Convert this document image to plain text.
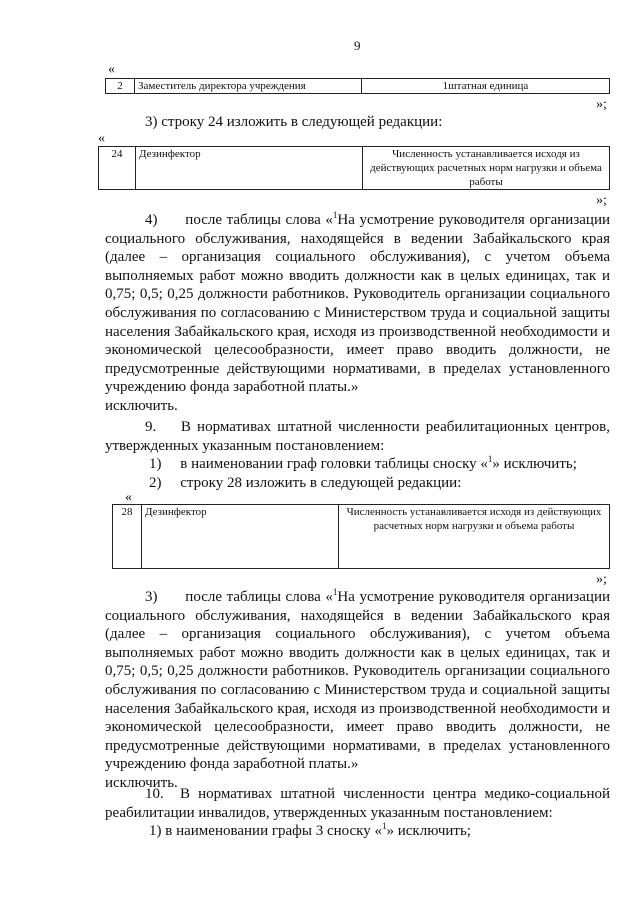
9
«
2	Заместитель директора учреждения	1штатная единица
»;
3) строку 24 изложить в следующей редакции:
«
24	Дезинфектор	Численность устанавливается исходя из действующих расчетных норм нагрузки и объема работы
»;
4)      после таблицы слова «$^1$На усмотрение руководителя организации социального обслуживания, находящейся в ведении Забайкальского края (далее – организация социального обслуживания), с учетом объема выполняемых работ можно вводить должности как в целых единицах, так и 0,75; 0,5; 0,25 должности работников. Руководитель организации социального обслуживания по согласованию с Министерством труда и социальной защиты населения Забайкальского края, исходя из производственной необходимости и экономической целесообразности, имеет право вводить должности, не предусмотренные действующими нормативами, в пределах установленного учреждению фонда заработной платы.»
исключить.
9.    В нормативах штатной численности реабилитационных центров, утвержденных указанным постановлением:
1)     в наименовании граф головки таблицы сноску «$^1$» исключить;
2)     строку 28 изложить в следующей редакции:
«
28	Дезинфектор	Численность устанавливается исходя из действующих расчетных норм нагрузки и объема работы
»;
3)      после таблицы слова «$^1$На усмотрение руководителя организации социального обслуживания, находящейся в ведении Забайкальского края (далее – организация социального обслуживания), с учетом объема выполняемых работ можно вводить должности как в целых единицах, так и 0,75; 0,5; 0,25 должности работников. Руководитель организации социального обслуживания по согласованию с Министерством труда и социальной защиты населения Забайкальского края, исходя из производственной необходимости и экономической целесообразности, имеет право вводить должности, не предусмотренные действующими нормативами, в пределах установленного учреждению фонда заработной платы.»
исключить.
10.  В нормативах штатной численности центра медико-социальной реабилитации инвалидов, утвержденных указанным постановлением:
1) в наименовании графы 3 сноску «$^1$» исключить;
